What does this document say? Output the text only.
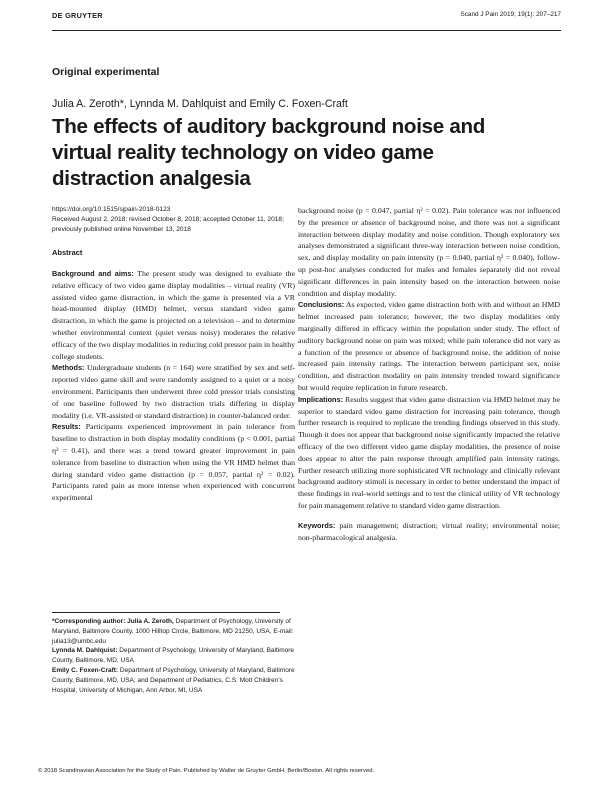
DE GRUYTER	Scand J Pain 2019; 19(1): 207–217
Original experimental
Julia A. Zeroth*, Lynnda M. Dahlquist and Emily C. Foxen-Craft
The effects of auditory background noise and virtual reality technology on video game distraction analgesia
https://doi.org/10.1515/sjpain-2018-0123
Received August 2, 2018; revised October 8, 2018; accepted October 11, 2018; previously published online November 13, 2018
Abstract

Background and aims: The present study was designed to evaluate the relative efficacy of two video game display modalities – virtual reality (VR) assisted video game distraction, in which the game is presented via a VR head-mounted display (HMD) helmet, versus standard video game distraction, in which the game is projected on a television – and to determine whether environmental context (quiet versus noisy) moderates the relative efficacy of the two display modalities in reducing cold pressor pain in healthy college students.

Methods: Undergraduate students (n = 164) were stratified by sex and self-reported video game skill and were randomly assigned to a quiet or a noisy environment. Participants then underwent three cold pressor trials consisting of one baseline followed by two distraction trials differing in display modality (i.e. VR-assisted or standard distraction) in counter-balanced order.

Results: Participants experienced improvement in pain tolerance from baseline to distraction in both display modality conditions (p < 0.001, partial η² = 0.41), and there was a trend toward greater improvement in pain tolerance from baseline to distraction when using the VR HMD helmet than during standard video game distraction (p = 0.057, partial η² = 0.02). Participants rated pain as more intense when experienced with concurrent experimental

background noise (p = 0.047, partial η² = 0.02). Pain tolerance was not influenced by the presence or absence of background noise, and there was not a significant interaction between display modality and noise condition. Though exploratory sex analyses demonstrated a significant three-way interaction between noise condition, sex, and display modality on pain intensity (p = 0.040, partial η² = 0.040), follow-up post-hoc analyses conducted for males and females separately did not reveal significant differences in pain intensity based on the interaction between noise condition and display modality.

Conclusions: As expected, video game distraction both with and without an HMD helmet increased pain tolerance; however, the two display modalities only marginally differed in efficacy within the population under study. The effect of auditory background noise on pain was mixed; while pain tolerance did not vary as a function of the presence or absence of background noise, the addition of noise increased pain intensity ratings. The interaction between participant sex, noise condition, and distraction modality on pain intensity trended toward significance but would require replication in future research.

Implications: Results suggest that video game distraction via HMD helmet may be superior to standard video game distraction for increasing pain tolerance, though further research is required to replicate the trending findings observed in this study. Though it does not appear that background noise significantly impacted the relative efficacy of the two different video game display modalities, the presence of noise does appear to alter the pain response through amplified pain intensity ratings. Further research utilizing more sophisticated VR technology and clinically relevant background auditory stimuli is necessary in order to better understand the impact of these findings in real-world settings and to test the clinical utility of VR technology for pain management relative to standard video game distraction.

Keywords: pain management; distraction; virtual reality; environmental noise; non-pharmacological analgesia.

*Corresponding author: Julia A. Zeroth, Department of Psychology, University of Maryland, Baltimore County, 1000 Hilltop Circle, Baltimore, MD 21250, USA, E-mail: julia13@umbc.edu

Lynnda M. Dahlquist: Department of Psychology, University of Maryland, Baltimore County, Baltimore, MD, USA

Emily C. Foxen-Craft: Department of Psychology, University of Maryland, Baltimore County, Baltimore, MD, USA; and Department of Pediatrics, C.S. Mott Children's Hospital, University of Michigan, Ann Arbor, MI, USA

© 2018 Scandinavian Association for the Study of Pain. Published by Walter de Gruyter GmbH, Berlin/Boston. All rights reserved.
